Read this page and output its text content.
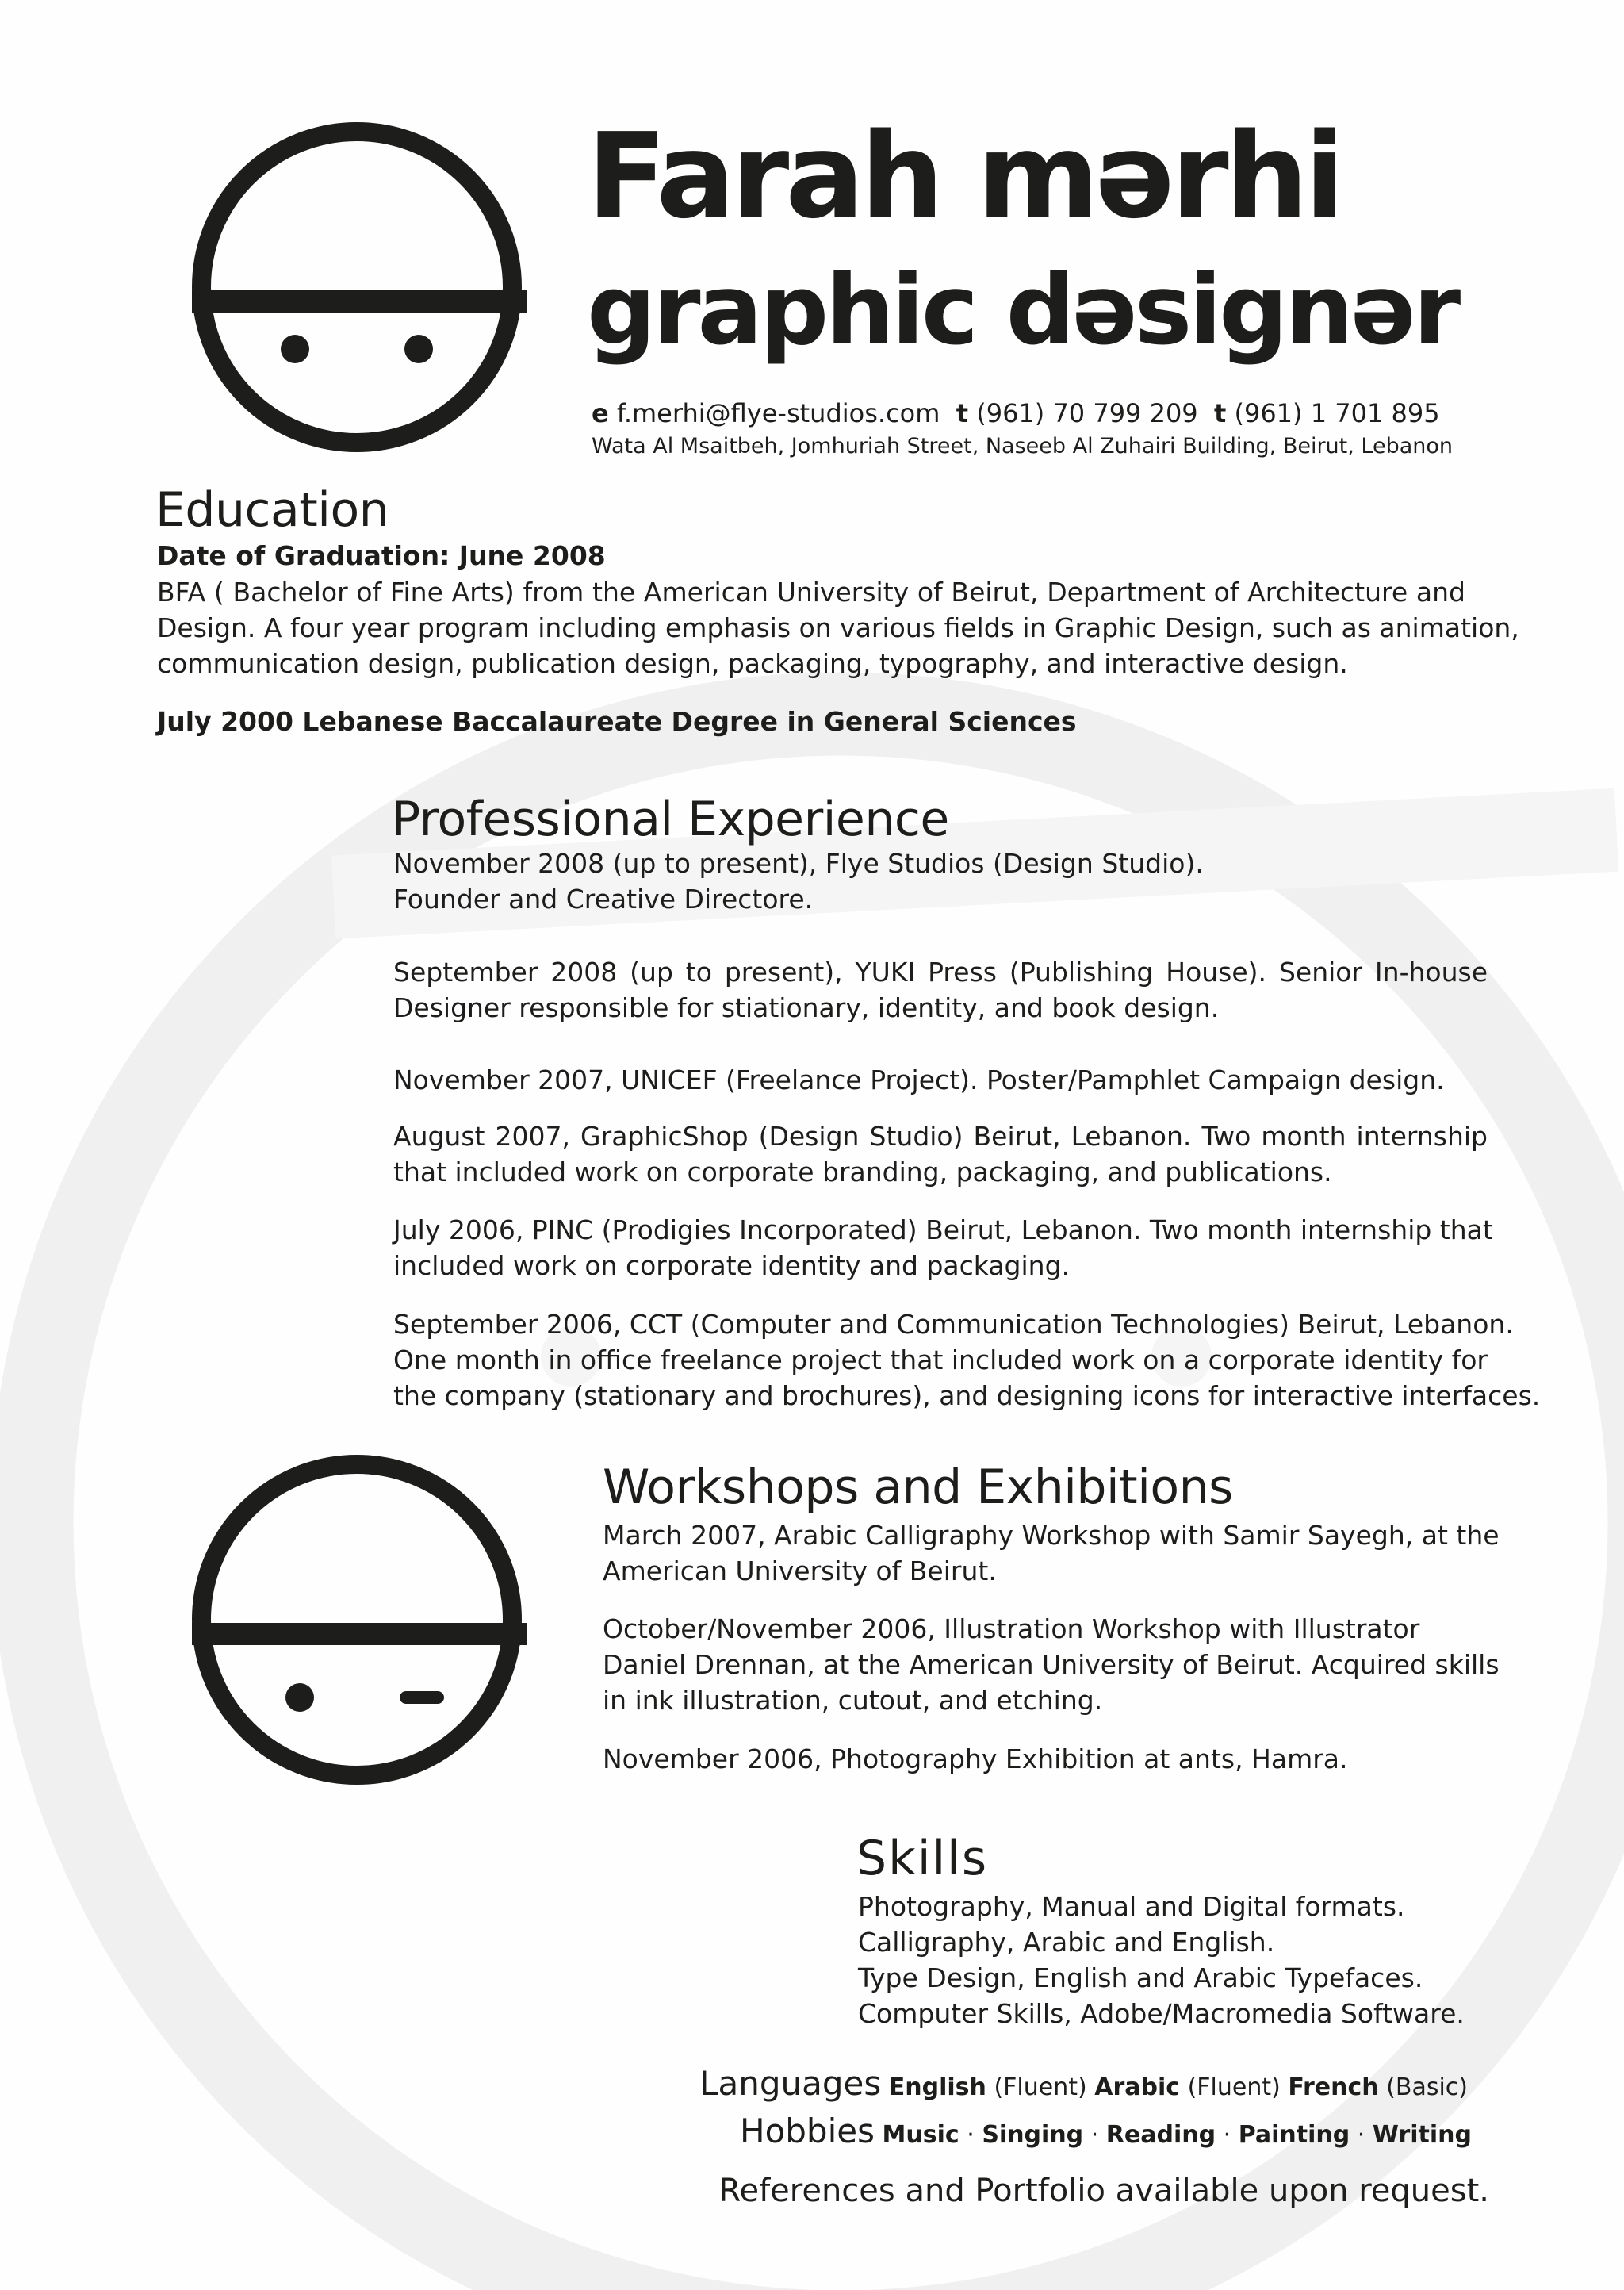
Farah mərhi
graphic dəsignər
e f.merhi@flye-studios.com t (961) 70 799 209 t (961) 1 701 895
Wata Al Msaitbeh, Jomhuriah Street, Naseeb Al Zuhairi Building, Beirut, Lebanon
Education
Date of Graduation: June 2008
BFA ( Bachelor of Fine Arts) from the American University of Beirut, Department of Architecture and
Design. A four year program including emphasis on various fields in Graphic Design, such as animation,
communication design, publication design, packaging, typography, and interactive design.
July 2000 Lebanese Baccalaureate Degree in General Sciences
Professional Experience
November 2008 (up to present), Flye Studios (Design Studio).
Founder and Creative Directore.
September 2008 (up to present), YUKI Press (Publishing House). Senior In-house
Designer responsible for stiationary, identity, and book design.
November 2007, UNICEF (Freelance Project). Poster/Pamphlet Campaign design.
August 2007, GraphicShop (Design Studio) Beirut, Lebanon. Two month internship
that included work on corporate branding, packaging, and publications.
July 2006, PINC (Prodigies Incorporated) Beirut, Lebanon. Two month internship that
included work on corporate identity and packaging.
September 2006, CCT (Computer and Communication Technologies) Beirut, Lebanon.
One month in office freelance project that included work on a corporate identity for
the company (stationary and brochures), and designing icons for interactive interfaces.
Workshops and Exhibitions
March 2007, Arabic Calligraphy Workshop with Samir Sayegh, at the
American University of Beirut.
October/November 2006, Illustration Workshop with Illustrator
Daniel Drennan, at the American University of Beirut. Acquired skills
in ink illustration, cutout, and etching.
November 2006, Photography Exhibition at ants, Hamra.
Skills
Photography, Manual and Digital formats.
Calligraphy, Arabic and English.
Type Design, English and Arabic Typefaces.
Computer Skills, Adobe/Macromedia Software.
Languages English (Fluent) Arabic (Fluent) French (Basic)
Hobbies Music · Singing · Reading · Painting · Writing
References and Portfolio available upon request.
